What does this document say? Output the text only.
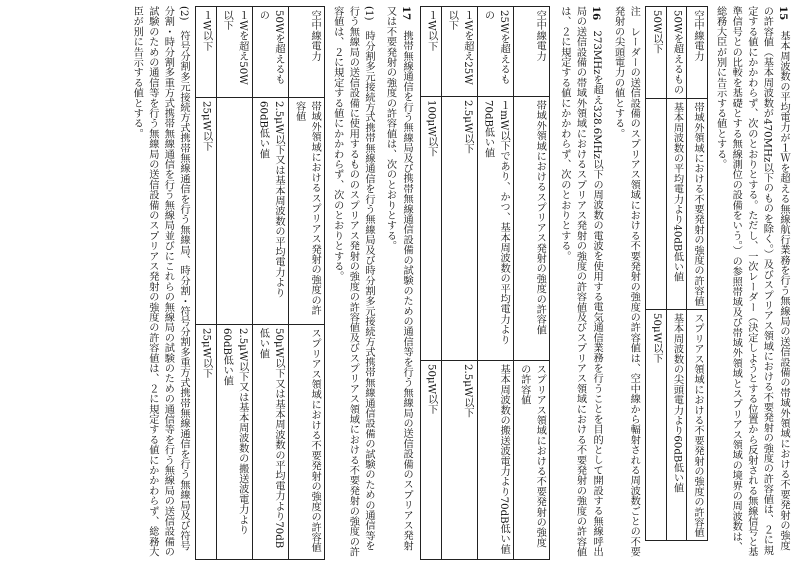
15　基本周波数の平均電力が１Ｗを超える無線航行業務を行う無線局の送信設備の帯域外領域における不要発射の強度の許容値（基本周波数が470MHz以下のものを除く。）及びスプリアス領域における不要発射の強度の許容値は、２に規定する値にかかわらず、次のとおりとする。ただし、一次レーダー（決定しようとする位置から反射される無線信号と基準信号との比較を基礎とする無線測位の設備をいう。）の参照帯域及び帯域外領域とスプリアス領域の境界の周波数は、総務大臣が別に告示する値とする。

空中線電力	帯域外領域における不要発射の強度の許容値	スプリアス領域における不要発射の強度の許容値
50Wを超えるもの	基本周波数の平均電力より40dB低い値	基本周波数の尖頭電力より60dB低い値
50W以下		50μW以下

注　レーダーの送信設備のスプリアス領域における不要発射の強度の許容値は、空中線から輻射される周波数ごとの不要発射の尖頭電力の値とする。

16　273MHzを超え328.6MHz以下の周波数の電波を使用する電気通信業務を行うことを目的として開設する無線呼出局の送信設備の帯域外領域におけるスプリアス発射の強度の許容値及びスプリアス領域における不要発射の強度の許容値は、２に規定する値にかかわらず、次のとおりとする。

空中線電力	帯域外領域におけるスプリアス発射の強度の許容値	スプリアス領域における不要発射の強度の許容値
25Wを超えるもの	１mW以下であり、かつ、基本周波数の平均電力より70dB低い値	基本周波数の搬送波電力より70dB低い値
１Wを超え25W以下	2.5μW以下	2.5μW以下
１W以下	100μW以下	50μW以下

17　携帯無線通信を行う無線局及び携帯無線通信設備の試験のための通信等を行う無線局の送信設備のスプリアス発射又は不要発射の強度の許容値は、次のとおりとする。

(1)　時分割多元接続方式携帯無線通信を行う無線局及び時分割多元接続方式携帯無線通信設備の試験のための通信等を行う無線局の送信設備に使用するもののスプリアス発射の強度の許容値及びスプリアス領域における不要発射の強度の許容値は、２に規定する値にかかわらず、次のとおりとする。

空中線電力	帯域外領域におけるスプリアス発射の強度の許容値	スプリアス領域における不要発射の強度の許容値
50Wを超えるもの	2.5μW以下又は基本周波数の平均電力より60dB低い値	50μW以下又は基本周波数の平均電力より70dB低い値
１Wを超え50W以下		2.5μW以下又は基本周波数の搬送波電力より60dB低い値
１W以下	25μW以下	25μW以下

(2)　符号分割多元接続方式携帯無線通信を行う無線局、時分割・符号分割多重方式携帯無線通信を行う無線局及び符号分割・時分割多重方式携帯無線通信を行う無線局並びにこれらの無線局の試験のための通信等を行う無線局の送信設備の試験のための通信等を行う無線局の送信設備のスプリアス発射の強度の許容値は、２に規定する値にかかわらず、総務大臣が別に告示する値とする。
